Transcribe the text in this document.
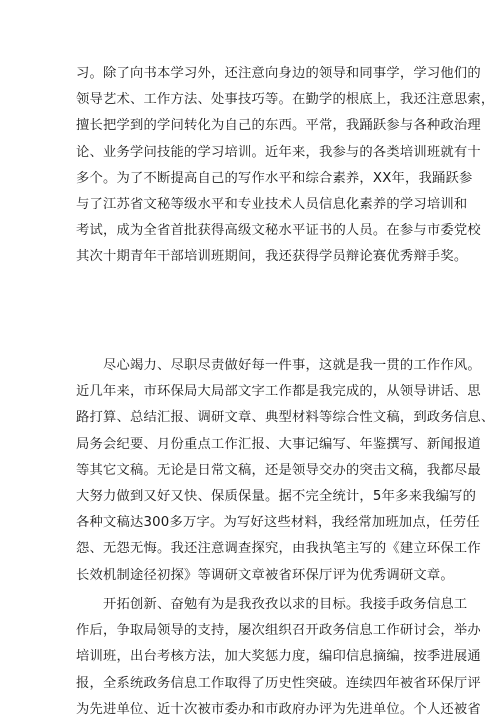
习。除了向书本学习外，还注意向身边的领导和同事学，学习他们的
领导艺术、工作方法、处事技巧等。在勤学的根底上，我还注意思索，
擅长把学到的学问转化为自己的东西。平常，我踊跃参与各种政治理
论、业务学问技能的学习培训。近年来，我参与的各类培训班就有十
多个。为了不断提高自己的写作水平和综合素养，XX年，我踊跃参
与了江苏省文秘等级水平和专业技术人员信息化素养的学习培训和
考试，成为全省首批获得高级文秘水平证书的人员。在参与市委党校
其次十期青年干部培训班期间，我还获得学员辩论赛优秀辩手奖。

尽心竭力、尽职尽责做好每一件事，这就是我一贯的工作作风。
近几年来，市环保局大局部文字工作都是我完成的，从领导讲话、思
路打算、总结汇报、调研文章、典型材料等综合性文稿，到政务信息、
局务会纪要、月份重点工作汇报、大事记编写、年鉴撰写、新闻报道
等其它文稿。无论是日常文稿，还是领导交办的突击文稿，我都尽最
大努力做到又好又快、保质保量。据不完全统计，5年多来我编写的
各种文稿达300多万字。为写好这些材料，我经常加班加点，任劳任
怨、无怨无悔。我还注意调查探究，由我执笔主写的《建立环保工作
长效机制途径初探》等调研文章被省环保厅评为优秀调研文章。

开拓创新、奋勉有为是我孜孜以求的目标。我接手政务信息工
作后，争取局领导的支持，屡次组织召开政务信息工作研讨会，举办
培训班，出台考核方法，加大奖惩力度，编印信息摘编，按季进展通
报，全系统政务信息工作取得了历史性突破。连续四年被省环保厅评
为先进单位、近十次被市委办和市政府办评为先进单位。个人还被省
